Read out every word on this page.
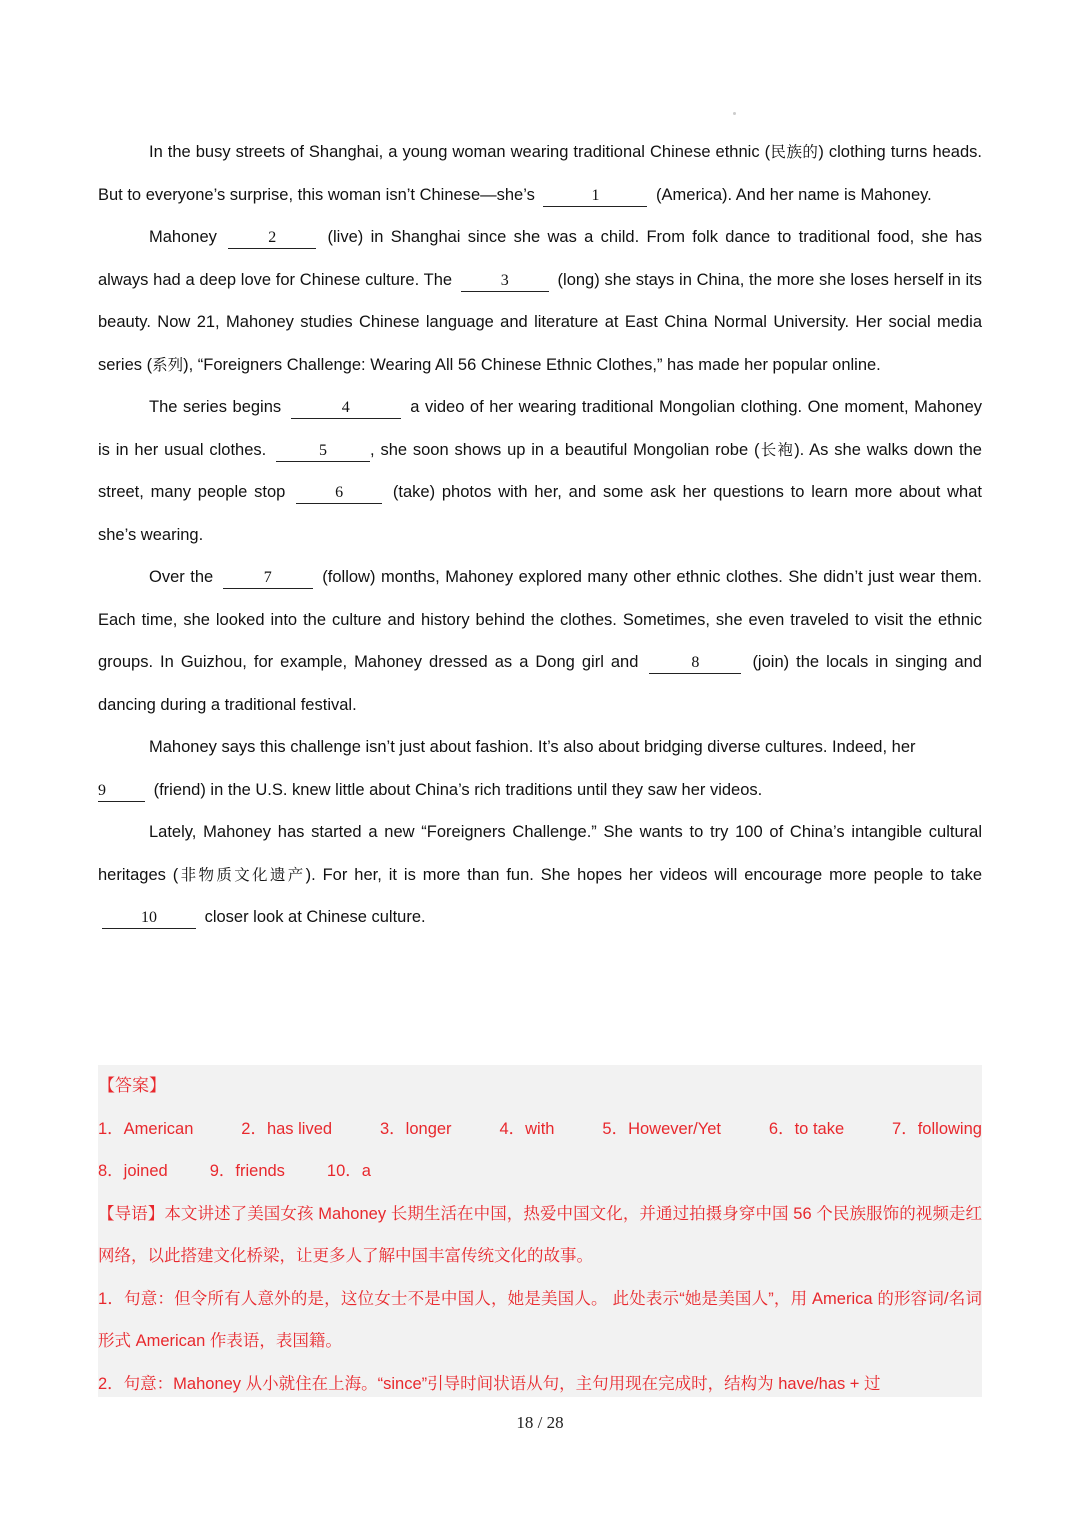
In the busy streets of Shanghai, a young woman wearing traditional Chinese ethnic (民族的) clothing turns heads. But to everyone’s surprise, this woman isn’t Chinese—she’s	1	(America). And her name is Mahoney.

Mahoney	2	(live) in Shanghai since she was a child. From folk dance to traditional food, she has always had a deep love for Chinese culture. The	3	(long) she stays in China, the more she loses herself in its beauty. Now 21, Mahoney studies Chinese language and literature at East China Normal University. Her social media series (系列), “Foreigners Challenge: Wearing All 56 Chinese Ethnic Clothes,” has made her popular online.

The series begins	4	a video of her wearing traditional Mongolian clothing. One moment, Mahoney is in her usual clothes.	5	, she soon shows up in a beautiful Mongolian robe (长袍). As she walks down the street, many people stop	6	(take) photos with her, and some ask her questions to learn more about what she’s wearing.

Over the	7	(follow) months, Mahoney explored many other ethnic clothes. She didn’t just wear them. Each time, she looked into the culture and history behind the clothes. Sometimes, she even traveled to visit the ethnic groups. In Guizhou, for example, Mahoney dressed as a Dong girl and	8	(join) the locals in singing and dancing during a traditional festival.

Mahoney says this challenge isn’t just about fashion. It’s also about bridging diverse cultures. Indeed, her

9	(friend) in the U.S. knew little about China’s rich traditions until they saw her videos.

Lately, Mahoney has started a new “Foreigners Challenge.” She wants to try 100 of China’s intangible cultural heritages (非物质文化遗产). For her, it is more than fun. She hopes her videos will encourage more people to take 10	closer look at Chinese culture.

【答案】

1．American	2．has lived	3．longer	4．with	5．However/Yet	6．to take	7．following
8．joined	9．friends	10．a

【导语】本文讲述了美国女孩 Mahoney 长期生活在中国，热爱中国文化，并通过拍摄身穿中国 56 个民族服饰的视频走红网络，以此搭建文化桥梁，让更多人了解中国丰富传统文化的故事。

1．句意：但令所有人意外的是，这位女士不是中国人，她是美国人。 此处表示“她是美国人”，用 America 的形容词/名词形式 American 作表语，表国籍。

2．句意：Mahoney 从小就住在上海。“since”引导时间状语从句，主句用现在完成时，结构为 have/has + 过

18 / 28
